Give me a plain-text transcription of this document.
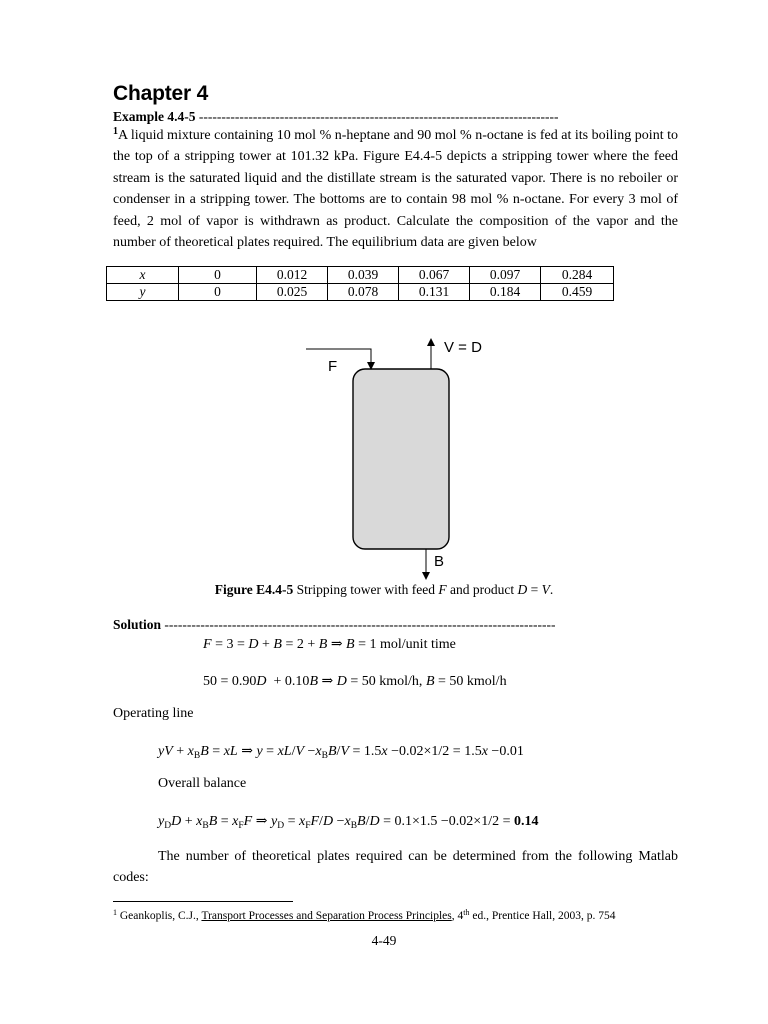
Chapter 4
Example 4.4-5 --------------------------------------------------------------------------------
$^1$A liquid mixture containing 10 mol % n-heptane and 90 mol % n-octane is fed at its boiling point to the top of a stripping tower at 101.32 kPa. Figure E4.4-5 depicts a stripping tower where the feed stream is the saturated liquid and the distillate stream is the saturated vapor. There is no reboiler or condenser in a stripping tower. The bottoms are to contain 98 mol % n-octane. For every 3 mol of feed, 2 mol of vapor is withdrawn as product. Calculate the composition of the vapor and the number of theoretical plates required. The equilibrium data are given below
x	0	0.012	0.039	0.067	0.097	0.284
y	0	0.025	0.078	0.131	0.184	0.459
F
V = D
B
Figure E4.4-5 Stripping tower with feed F and product D = V.
Solution ---------------------------------------------------------------------------------------
F = 3 = D + B = 2 + B ⇒ B = 1 mol/unit time
50 = 0.90D  + 0.10B ⇒ D = 50 kmol/h, B = 50 kmol/h
Operating line
yV + $x_BB$ = xL ⇒ $y = xL/V -x_BB/V = 1.5x -0.02\times 1/2 = 1.5x -0.01$
Overall balance
$y_DD + x_BB = x_FF$ ⇒ $y_D = x_FF/D -x_BB/D = 0.1\times 1.5 -0.02\times 1/2 = 0.14$
The number of theoretical plates required can be determined from the following Matlab codes:
$^1$ Geankoplis, C.J., Transport Processes and Separation Process Principles, 4th ed., Prentice Hall, 2003, p. 754
4-49
